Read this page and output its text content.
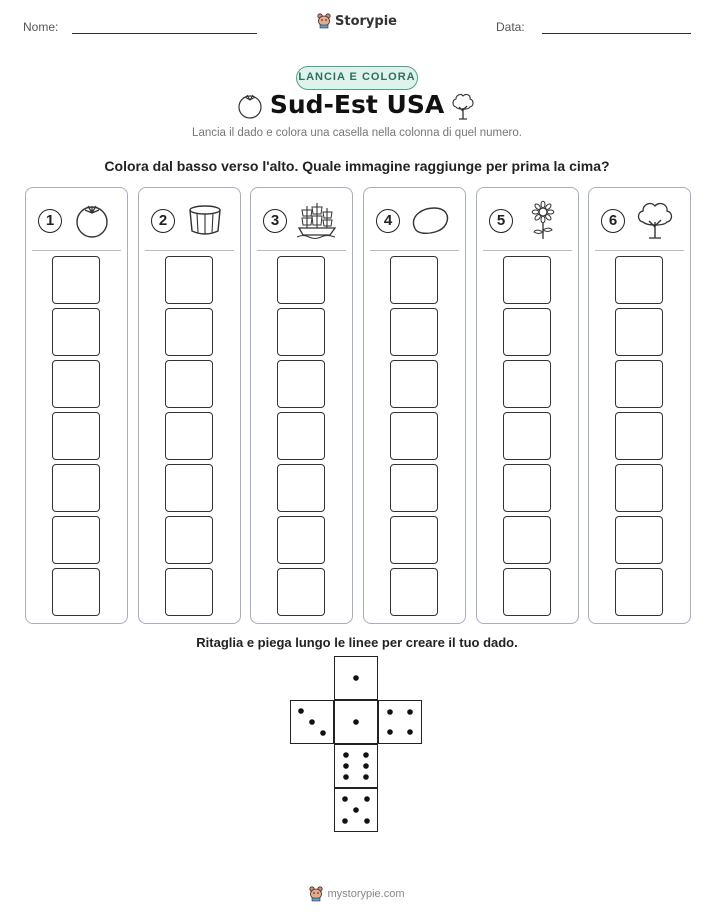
Nome:	Storypie	Data:
LANCIA E COLORA
Sud-Est USA
Lancia il dado e colora una casella nella colonna di quel numero.
Colora dal basso verso l'alto. Quale immagine raggiunge per prima la cima?
1	2	3	4	5	6
Ritaglia e piega lungo le linee per creare il tuo dado.
mystorypie.com
